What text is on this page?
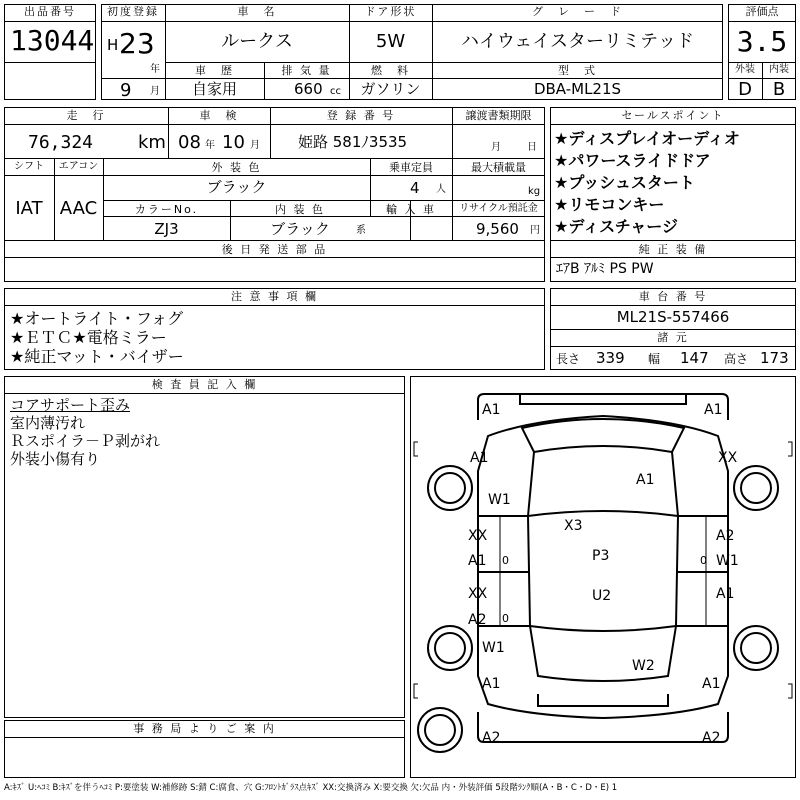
出品番号
13044
初度登録
H 23
年
9 月
車　名
ルークス
ドア形状
5W
グ　レ　ー　ド
ハイウェイスターリミテッド
車　歴
自家用
排 気 量
660 cc
燃　料
ガソリン
型　式
DBA-ML21S
評価点
3.5
外装	内装
D	B
走　行
76,324 km
車　検
08 年 10 月
登 録 番 号
姫路 581ﾉ3535
譲渡書類期限
月	日
シフト
IAT
エアコン
AAC
外 装 色
ブラック
乗車定員
4 人
最大積載量
kg
カラーNo.
ZJ3
内 装 色
ブラック	系
輸 入 車	リサイクル預託金
9,560 円
後 日 発 送 部 品
セールスポイント
★ディスプレイオーディオ
★パワースライドドア
★プッシュスタート
★リモコンキー
★ディスチャージ
純 正 装 備
ｴｱB ｱﾙﾐ PS PW
注 意 事 項 欄
★オートライト・フォグ
★ＥＴＣ★電格ミラー
★純正マット・バイザー
車 台 番 号
ML21S-557466
諸 元
長さ 339 幅 147 高さ 173
検 査 員 記 入 欄
コアサポート歪み
室内薄汚れ
Ｒスポイラ－Ｐ剥がれ
外装小傷有り
事 務 局 よ り ご 案 内
A1	A1
A1	XX
W1
A1
X3
XX
A1
A2
W1
P3
U2
XX
A2
A1
W1
W2
A1	A1
A2	A2
0	0
0
A:ｷｽﾞ U:ﾍｺﾐ B:ｷｽﾞを伴うﾍｺﾐ P:要塗装 W:補修跡 S:錆 C:腐食、穴 G:ﾌﾛﾝﾄｶﾞﾗｽ点ｷｽﾞ XX:交換済み X:要交換 欠:欠品 内・外装評価 5段階ﾗﾝｸ順(A・B・C・D・E) 1
